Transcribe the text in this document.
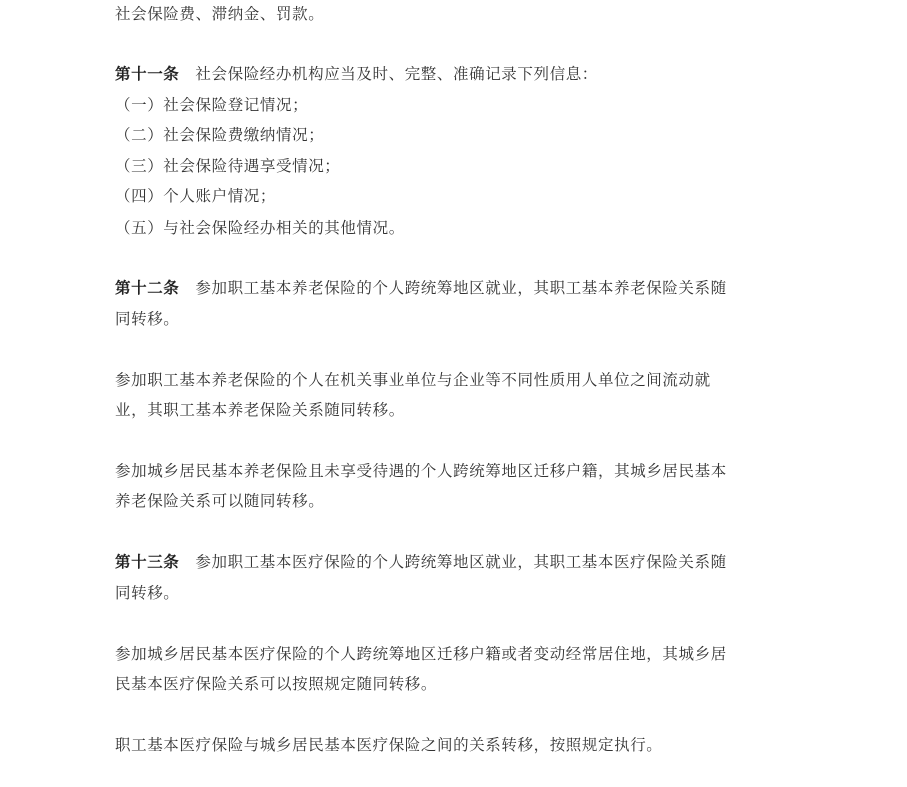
社会保险费、滞纳金、罚款。
第十一条 社会保险经办机构应当及时、完整、准确记录下列信息：
（一）社会保险登记情况；
（二）社会保险费缴纳情况；
（三）社会保险待遇享受情况；
（四）个人账户情况；
（五）与社会保险经办相关的其他情况。
第十二条 参加职工基本养老保险的个人跨统筹地区就业，其职工基本养老保险关系随
同转移。
参加职工基本养老保险的个人在机关事业单位与企业等不同性质用人单位之间流动就
业，其职工基本养老保险关系随同转移。
参加城乡居民基本养老保险且未享受待遇的个人跨统筹地区迁移户籍，其城乡居民基本
养老保险关系可以随同转移。
第十三条 参加职工基本医疗保险的个人跨统筹地区就业，其职工基本医疗保险关系随
同转移。
参加城乡居民基本医疗保险的个人跨统筹地区迁移户籍或者变动经常居住地，其城乡居
民基本医疗保险关系可以按照规定随同转移。
职工基本医疗保险与城乡居民基本医疗保险之间的关系转移，按照规定执行。
